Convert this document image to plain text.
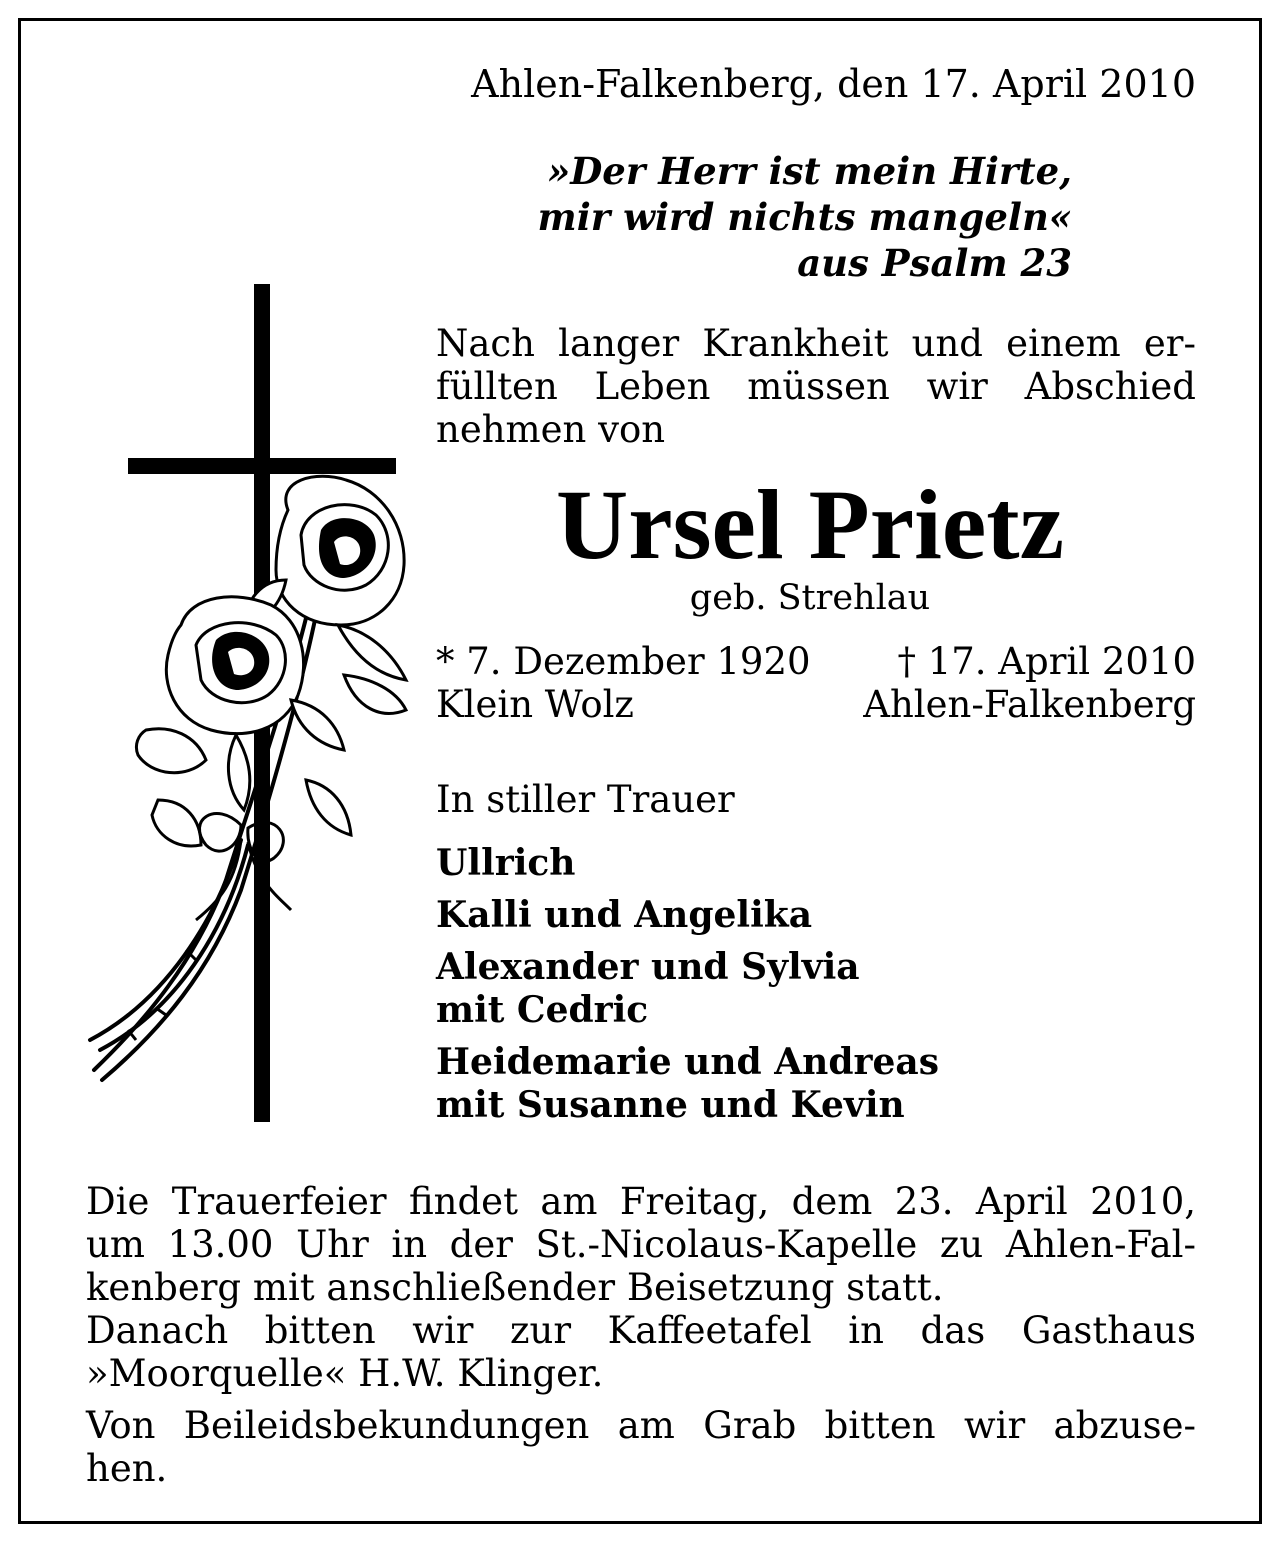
Ahlen-Falkenberg, den 17. April 2010
»Der Herr ist mein Hirte,
mir wird nichts mangeln«
aus Psalm 23
Nach langer Krankheit und einem er-
füllten Leben müssen wir Abschied
nehmen von
Ursel Prietz
geb. Strehlau
* 7. Dezember 1920 † 17. April 2010
Klein Wolz	Ahlen-Falkenberg
In stiller Trauer
Ullrich
Kalli und Angelika
Alexander und Sylvia
mit Cedric
Heidemarie und Andreas
mit Susanne und Kevin
Die Trauerfeier findet am Freitag, dem 23. April 2010,
um 13.00 Uhr in der St.-Nicolaus-Kapelle zu Ahlen-Fal-
kenberg mit anschließender Beisetzung statt.
Danach bitten wir zur Kaffeetafel in das Gasthaus
»Moorquelle« H.W. Klinger.
Von Beileidsbekundungen am Grab bitten wir abzuse-
hen.
